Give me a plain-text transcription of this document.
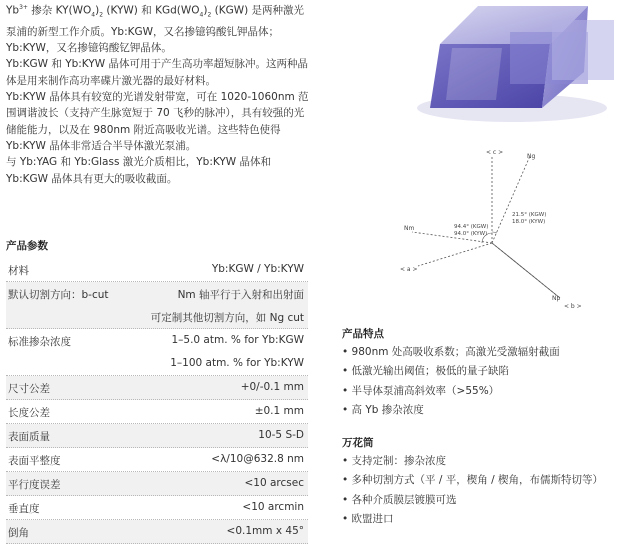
$Yb^{3+}$ 掺杂 $KY(WO_4)_2$ (KYW) 和 $KGd(WO_4)_2$ (KGW) 是两种激光泵浦的新型工作介质。Yb:KGW，又名掺镱钨酸钆钾晶体；Yb:KYW，又名掺镱钨酸钇钾晶体。

Yb:KGW 和 Yb:KYW 晶体可用于产生高功率超短脉冲。这两种晶体是用来制作高功率碟片激光器的最好材料。

Yb:KYW 晶体具有较宽的光谱发射带宽，可在 1020-1060nm 范围调谐波长（支持产生脉宽短于 70 飞秒的脉冲），具有较强的光储能能力，以及在 980nm 附近高吸收光谱。这些特色使得 Yb:KYW 晶体非常适合半导体激光泵浦。

与 Yb:YAG 和 Yb:Glass 激光介质相比，Yb:KYW 晶体和 Yb:KGW 晶体具有更大的吸收截面。

< c >
Ng
Nm
< a >
Np
< b >
94.4° (KGW)
94.0° (KYW)
21.5° (KGW)
18.0° (KYW)
产品参数
材料	Yb:KGW / Yb:KYW
默认切割方向：b-cut	Nm 轴平行于入射和出射面
可定制其他切割方向，如 Ng cut
标准掺杂浓度	1–5.0 atm. % for Yb:KGW
1–100 atm. % for Yb:KYW
尺寸公差	+0/-0.1 mm
长度公差	±0.1 mm
表面质量	10-5 S-D
表面平整度	<λ/10@632.8 nm
平行度误差	<10 arcsec
垂直度	<10 arcmin
倒角	<0.1mm x 45°
产品特点
• 980nm 处高吸收系数；高激光受激辐射截面
• 低激光输出阈值；极低的量子缺陷
• 半导体泵浦高斜效率（>55%）
• 高 Yb 掺杂浓度
万花筒
• 支持定制：掺杂浓度
• 多种切割方式（平 / 平，楔角 / 楔角，布儒斯特切等）
• 各种介质膜层镀膜可选
• 欧盟进口
